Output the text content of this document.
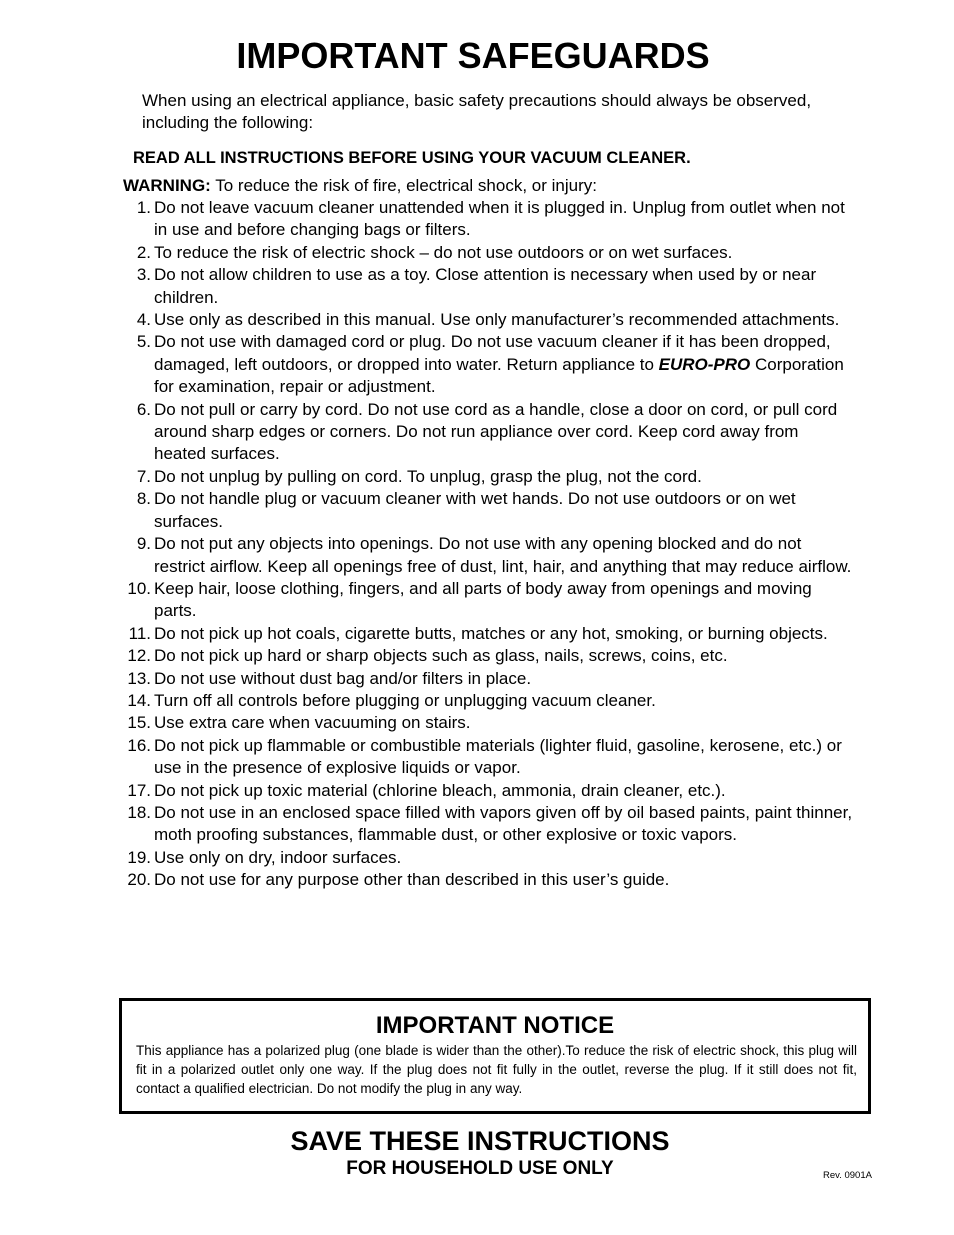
IMPORTANT SAFEGUARDS

When using an electrical appliance, basic safety precautions should always be observed, including the following:

READ ALL INSTRUCTIONS BEFORE USING YOUR VACUUM CLEANER.

WARNING: To reduce the risk of fire, electrical shock, or injury:

1. Do not leave vacuum cleaner unattended when it is plugged in. Unplug from outlet when not in use and before changing bags or filters.
2. To reduce the risk of electric shock – do not use outdoors or on wet surfaces.
3. Do not allow children to use as a toy. Close attention is necessary when used by or near children.
4. Use only as described in this manual. Use only manufacturer’s recommended attachments.
5. Do not use with damaged cord or plug. Do not use vacuum cleaner if it has been dropped, damaged, left outdoors, or dropped into water. Return appliance to EURO-PRO Corporation for examination, repair or adjustment.
6. Do not pull or carry by cord. Do not use cord as a handle, close a door on cord, or pull cord around sharp edges or corners. Do not run appliance over cord. Keep cord away from heated surfaces.
7. Do not unplug by pulling on cord. To unplug, grasp the plug, not the cord.
8. Do not handle plug or vacuum cleaner with wet hands. Do not use outdoors or on wet surfaces.
9. Do not put any objects into openings. Do not use with any opening blocked and do not restrict airflow. Keep all openings free of dust, lint, hair, and anything that may reduce airflow.
10. Keep hair, loose clothing, fingers, and all parts of body away from openings and moving parts.
11. Do not pick up hot coals, cigarette butts, matches or any hot, smoking, or burning objects.
12. Do not pick up hard or sharp objects such as glass, nails, screws, coins, etc.
13. Do not use without dust bag and/or filters in place.
14. Turn off all controls before plugging or unplugging vacuum cleaner.
15. Use extra care when vacuuming on stairs.
16. Do not pick up flammable or combustible materials (lighter fluid, gasoline, kerosene, etc.) or use in the presence of explosive liquids or vapor.
17. Do not pick up toxic material (chlorine bleach, ammonia, drain cleaner, etc.).
18. Do not use in an enclosed space filled with vapors given off by oil based paints, paint thinner, moth proofing substances, flammable dust, or other explosive or toxic vapors.
19. Use only on dry, indoor surfaces.
20. Do not use for any purpose other than described in this user’s guide.
IMPORTANT NOTICE

This appliance has a polarized plug (one blade is wider than the other).To reduce the risk of electric shock, this plug will fit in a polarized outlet only one way. If the plug does not fit fully in the outlet, reverse the plug. If it still does not fit, contact a qualified electrician. Do not modify the plug in any way.

SAVE THESE INSTRUCTIONS

FOR HOUSEHOLD USE ONLY	Rev. 0901A
